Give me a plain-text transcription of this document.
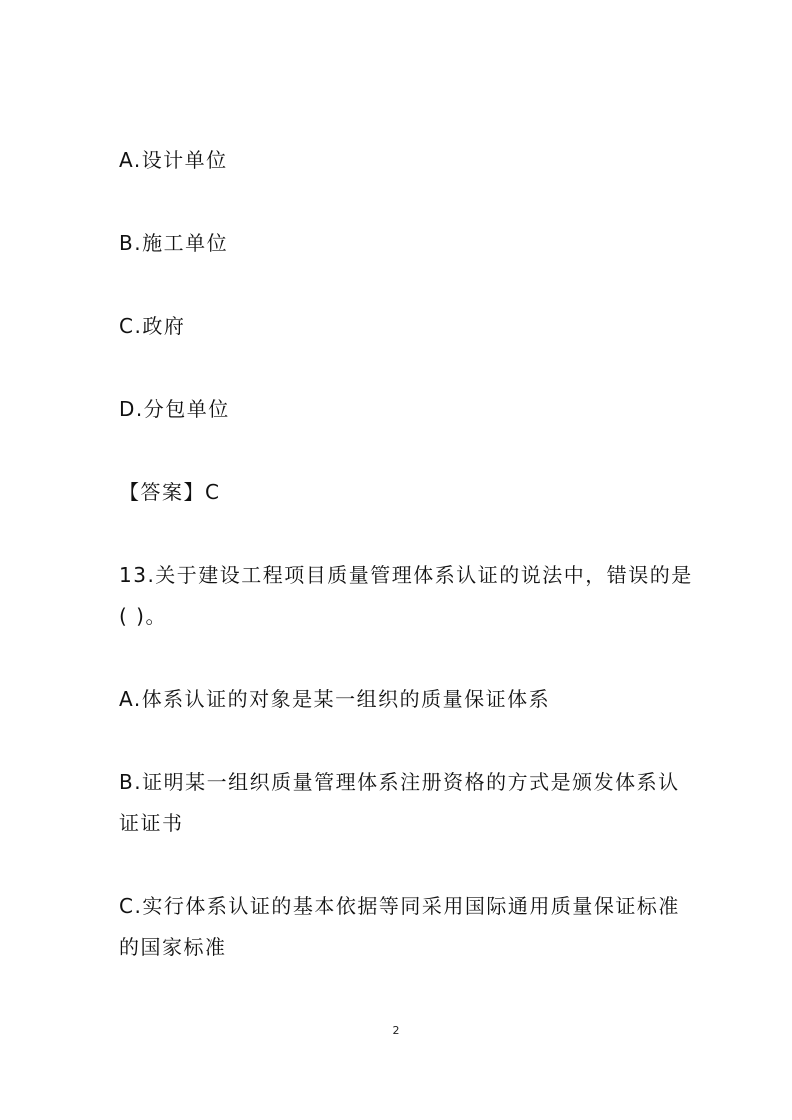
A.设计单位
B.施工单位
C.政府
D.分包单位
【答案】C
13.关于建设工程项目质量管理体系认证的说法中，错误的是
( )。
A.体系认证的对象是某一组织的质量保证体系
B.证明某一组织质量管理体系注册资格的方式是颁发体系认
证证书
C.实行体系认证的基本依据等同采用国际通用质量保证标准
的国家标准
2
